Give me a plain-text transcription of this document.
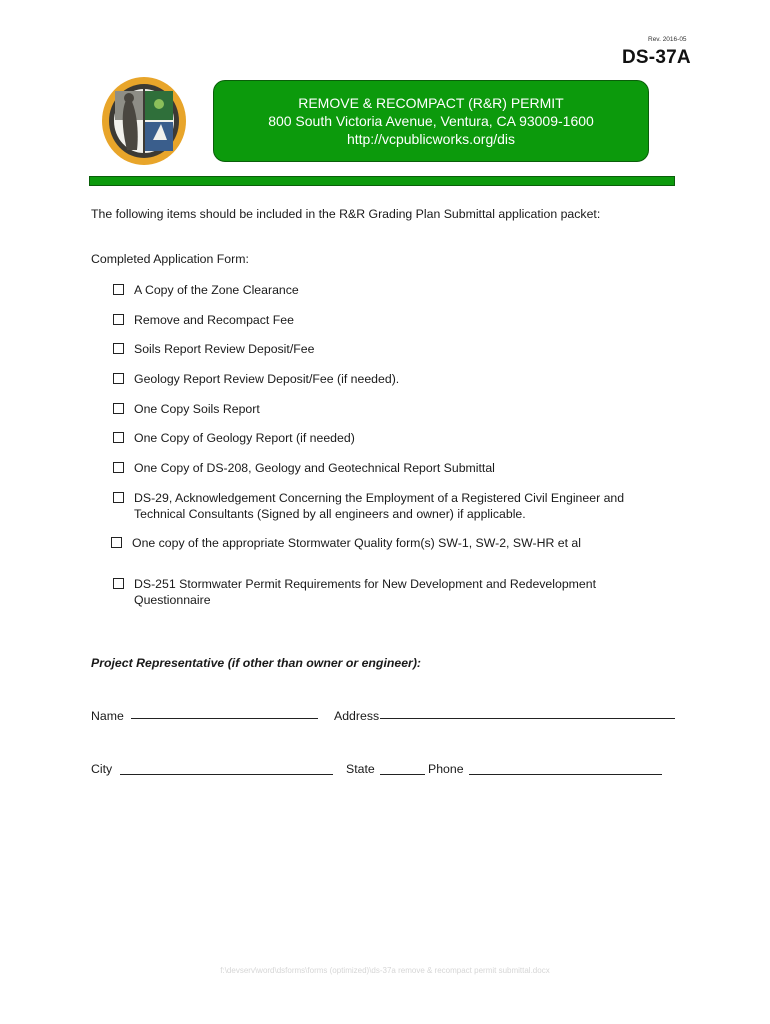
Rev. 2016-05
DS-37A
REMOVE & RECOMPACT (R&R) PERMIT
800 South Victoria Avenue, Ventura, CA 93009-1600
http://vcpublicworks.org/dis
The following items should be included in the R&R Grading Plan Submittal application packet:
Completed Application Form:
A Copy of the Zone Clearance
Remove and Recompact Fee
Soils Report Review Deposit/Fee
Geology Report Review Deposit/Fee (if needed).
One Copy Soils Report
One Copy of Geology Report (if needed)
One Copy of DS-208, Geology and Geotechnical Report Submittal
DS-29, Acknowledgement Concerning the Employment of a Registered Civil Engineer and Technical Consultants (Signed by all engineers and owner) if applicable.
One copy of the appropriate Stormwater Quality form(s) SW-1, SW-2, SW-HR et al
DS-251 Stormwater Permit Requirements for New Development and Redevelopment Questionnaire
Project Representative (if other than owner or engineer):
Name	Address
City	State	Phone
f:\devserv\word\dsforms\forms (optimized)\ds-37a remove & recompact permit submittal.docx
